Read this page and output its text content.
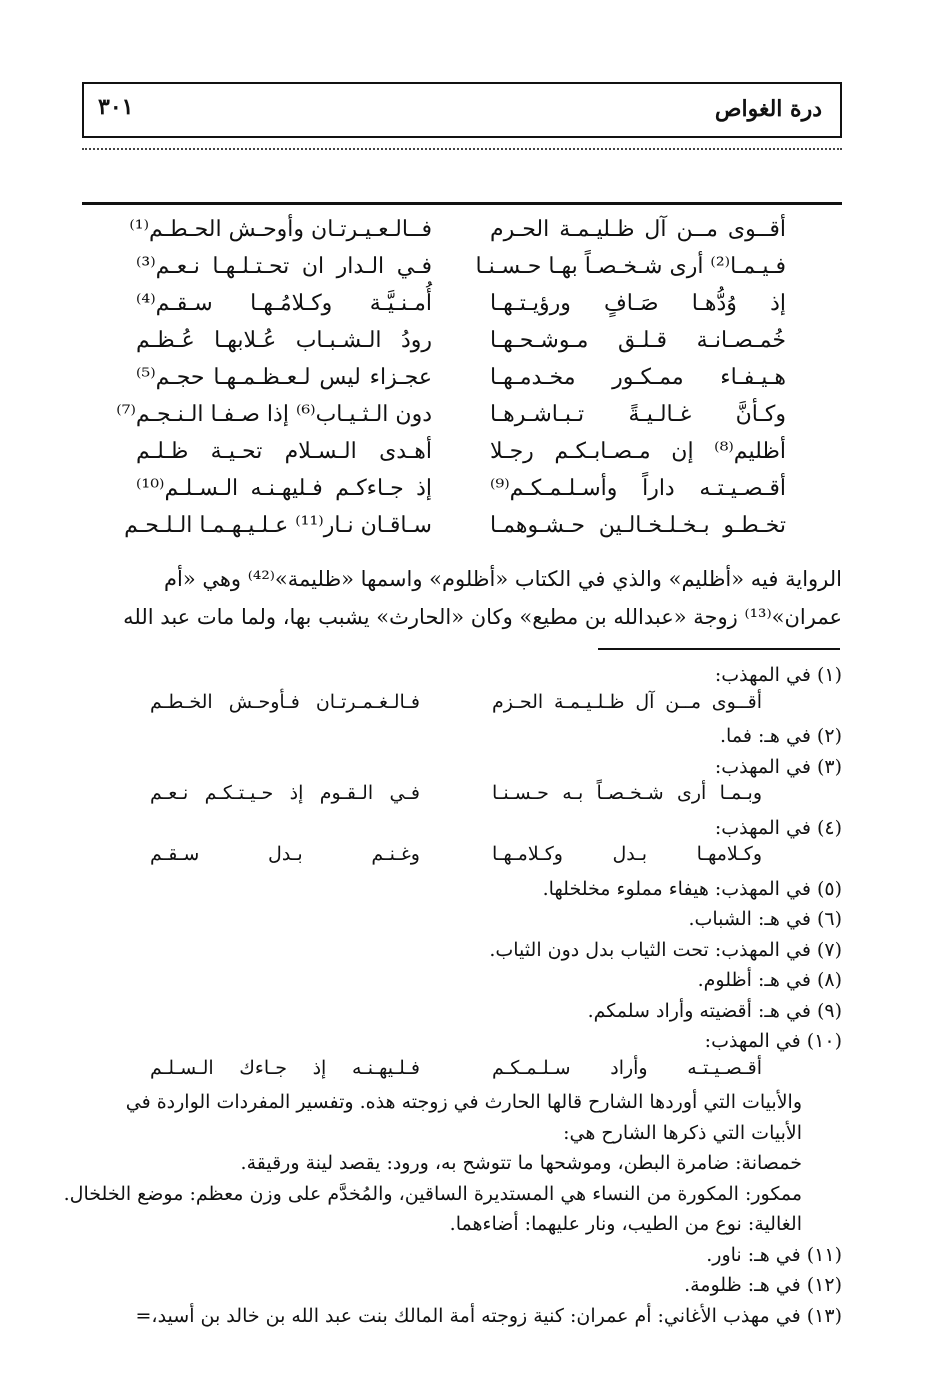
درة الغواص
٣٠١
أقــوى مــن آل ظـليـمـة الحـرم
فــالـعـيـرتـان وأوحـش الحـطـم⁽¹⁾
فـيـمـا⁽²⁾ أرى شـخـصـاً بهـا حـسـنـا
فـي الـدار ان تحـتـلـهـا نـعـم⁽³⁾
إذ وُدُّهـا صَـافٍ ورؤيـتـهـا
أُمـنـيَّـة وكـلامُـهـا سـقـم⁽⁴⁾
خُمـصـانـة قـلـق مـوشـحـهـا
رودُ الـشـبـاب عُـلابهـا عُـظـم
هـيـفـاء ممـكـور مخـدمـهـا
عجـزاء ليس لـعـظـمـهـا حجـم⁽⁵⁾
وكـأنَّ غـالـيـةً تـبـاشـرهـا
دون الـثـيـاب⁽⁶⁾ إذا صـفـا الـنـجـم⁽⁷⁾
أظليم⁽⁸⁾ إن مـصـابـكـم رجـلا
أهـدى الـسـلام تحـيـة ظـلـم
أقـصـيـتـه داراً وأسـلـمـكـم⁽⁹⁾
إذ جـاءكـم فـليهـنـه الـسـلـم⁽¹⁰⁾
تخـطـو بـخـلـخـالـين حـشـوهمـا
سـاقـان نـار⁽¹¹⁾ عـلـيـهـمـا الـلـحـم
الرواية فيه «أظليم» والذي في الكتاب «أظلوم» واسمها «ظليمة»⁽⁴²⁾ وهي «أم
عمران»⁽¹³⁾ زوجة «عبدالله بن مطيع» وكان «الحارث» يشبب بها، ولما مات عبد الله
(١) في المهذب:
أقــوى مــن آل ظـلـيـمـة الحـزم
فـالـغـمـرتـان فـأوحـش الخـطـم
(٢) في هـ: فما.
(٣) في المهذب:
وبـمـا أرى شـخـصـاً بـه حـسـنـا
فـي الـقـوم إذ حـيـتـكـم نـعـم
(٤) في المهذب:
وكـلامهـا بـدل وكـلامـهـا
وغـنـم بـدل سـقـم
(٥) في المهذب: هيفاء مملوء مخلخلها.
(٦) في هـ: الشباب.
(٧) في المهذب: تحت الثياب بدل دون الثياب.
(٨) في هـ: أظلوم.
(٩) في هـ: أقضيته وأراد سلمكم.
(١٠) في المهذب:
أقـصـيـتـه وأراد سـلـمـكـم
فـلـيهـنـه إذ جـاءك الـسـلـم
والأبيات التي أوردها الشارح قالها الحارث في زوجته هذه. وتفسير المفردات الواردة في
الأبيات التي ذكرها الشارح هي:
خمصانة: ضامرة البطن، وموشحها ما تتوشح به، ورود: يقصد لينة ورقيقة.
ممكور: المكورة من النساء هي المستديرة الساقين، والمُخدَّم على وزن معظم: موضع الخلخال.
الغالية: نوع من الطيب، ونار عليهما: أضاءهما.
(١١) في هـ: ناور.
(١٢) في هـ: ظلومة.
(١٣) في مهذب الأغاني: أم عمران: كنية زوجته أمة المالك بنت عبد الله بن خالد بن أسيد،=
